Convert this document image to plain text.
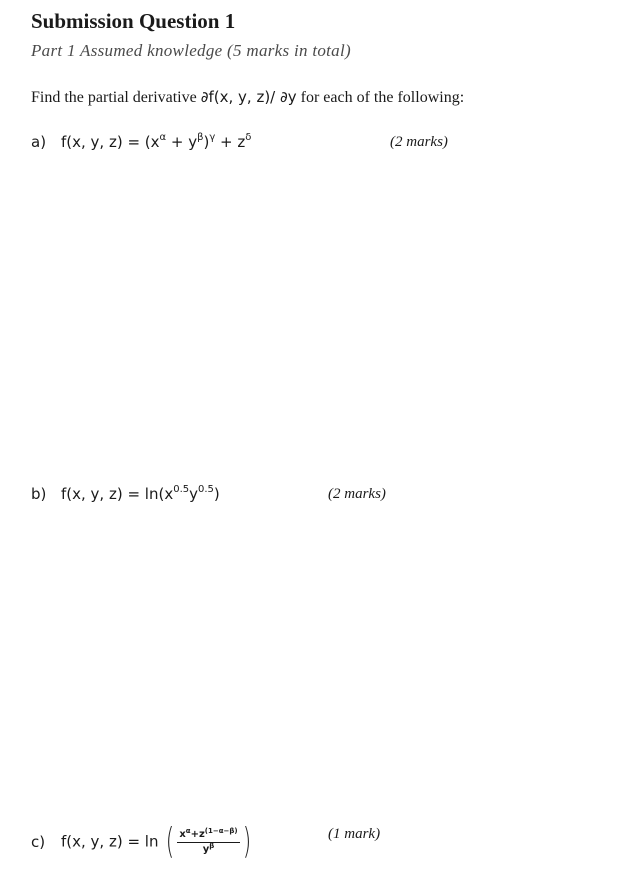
Submission Question 1
Part 1 Assumed knowledge (5 marks in total)
Find the partial derivative ∂f(x, y, z)/ ∂y for each of the following:
a) f(x, y, $z) = (x^\alpha + y^\beta)^\gamma + z^\delta$	(2 marks)
b) f(x, y, $z) = \ln(x^{0.5}y^{0.5})$	(2 marks)
c) f(x, y, z) = ln ( $\frac{x^\alpha+z^{(1-\alpha-\beta)}}{y^\beta}$ )	(1 mark)
